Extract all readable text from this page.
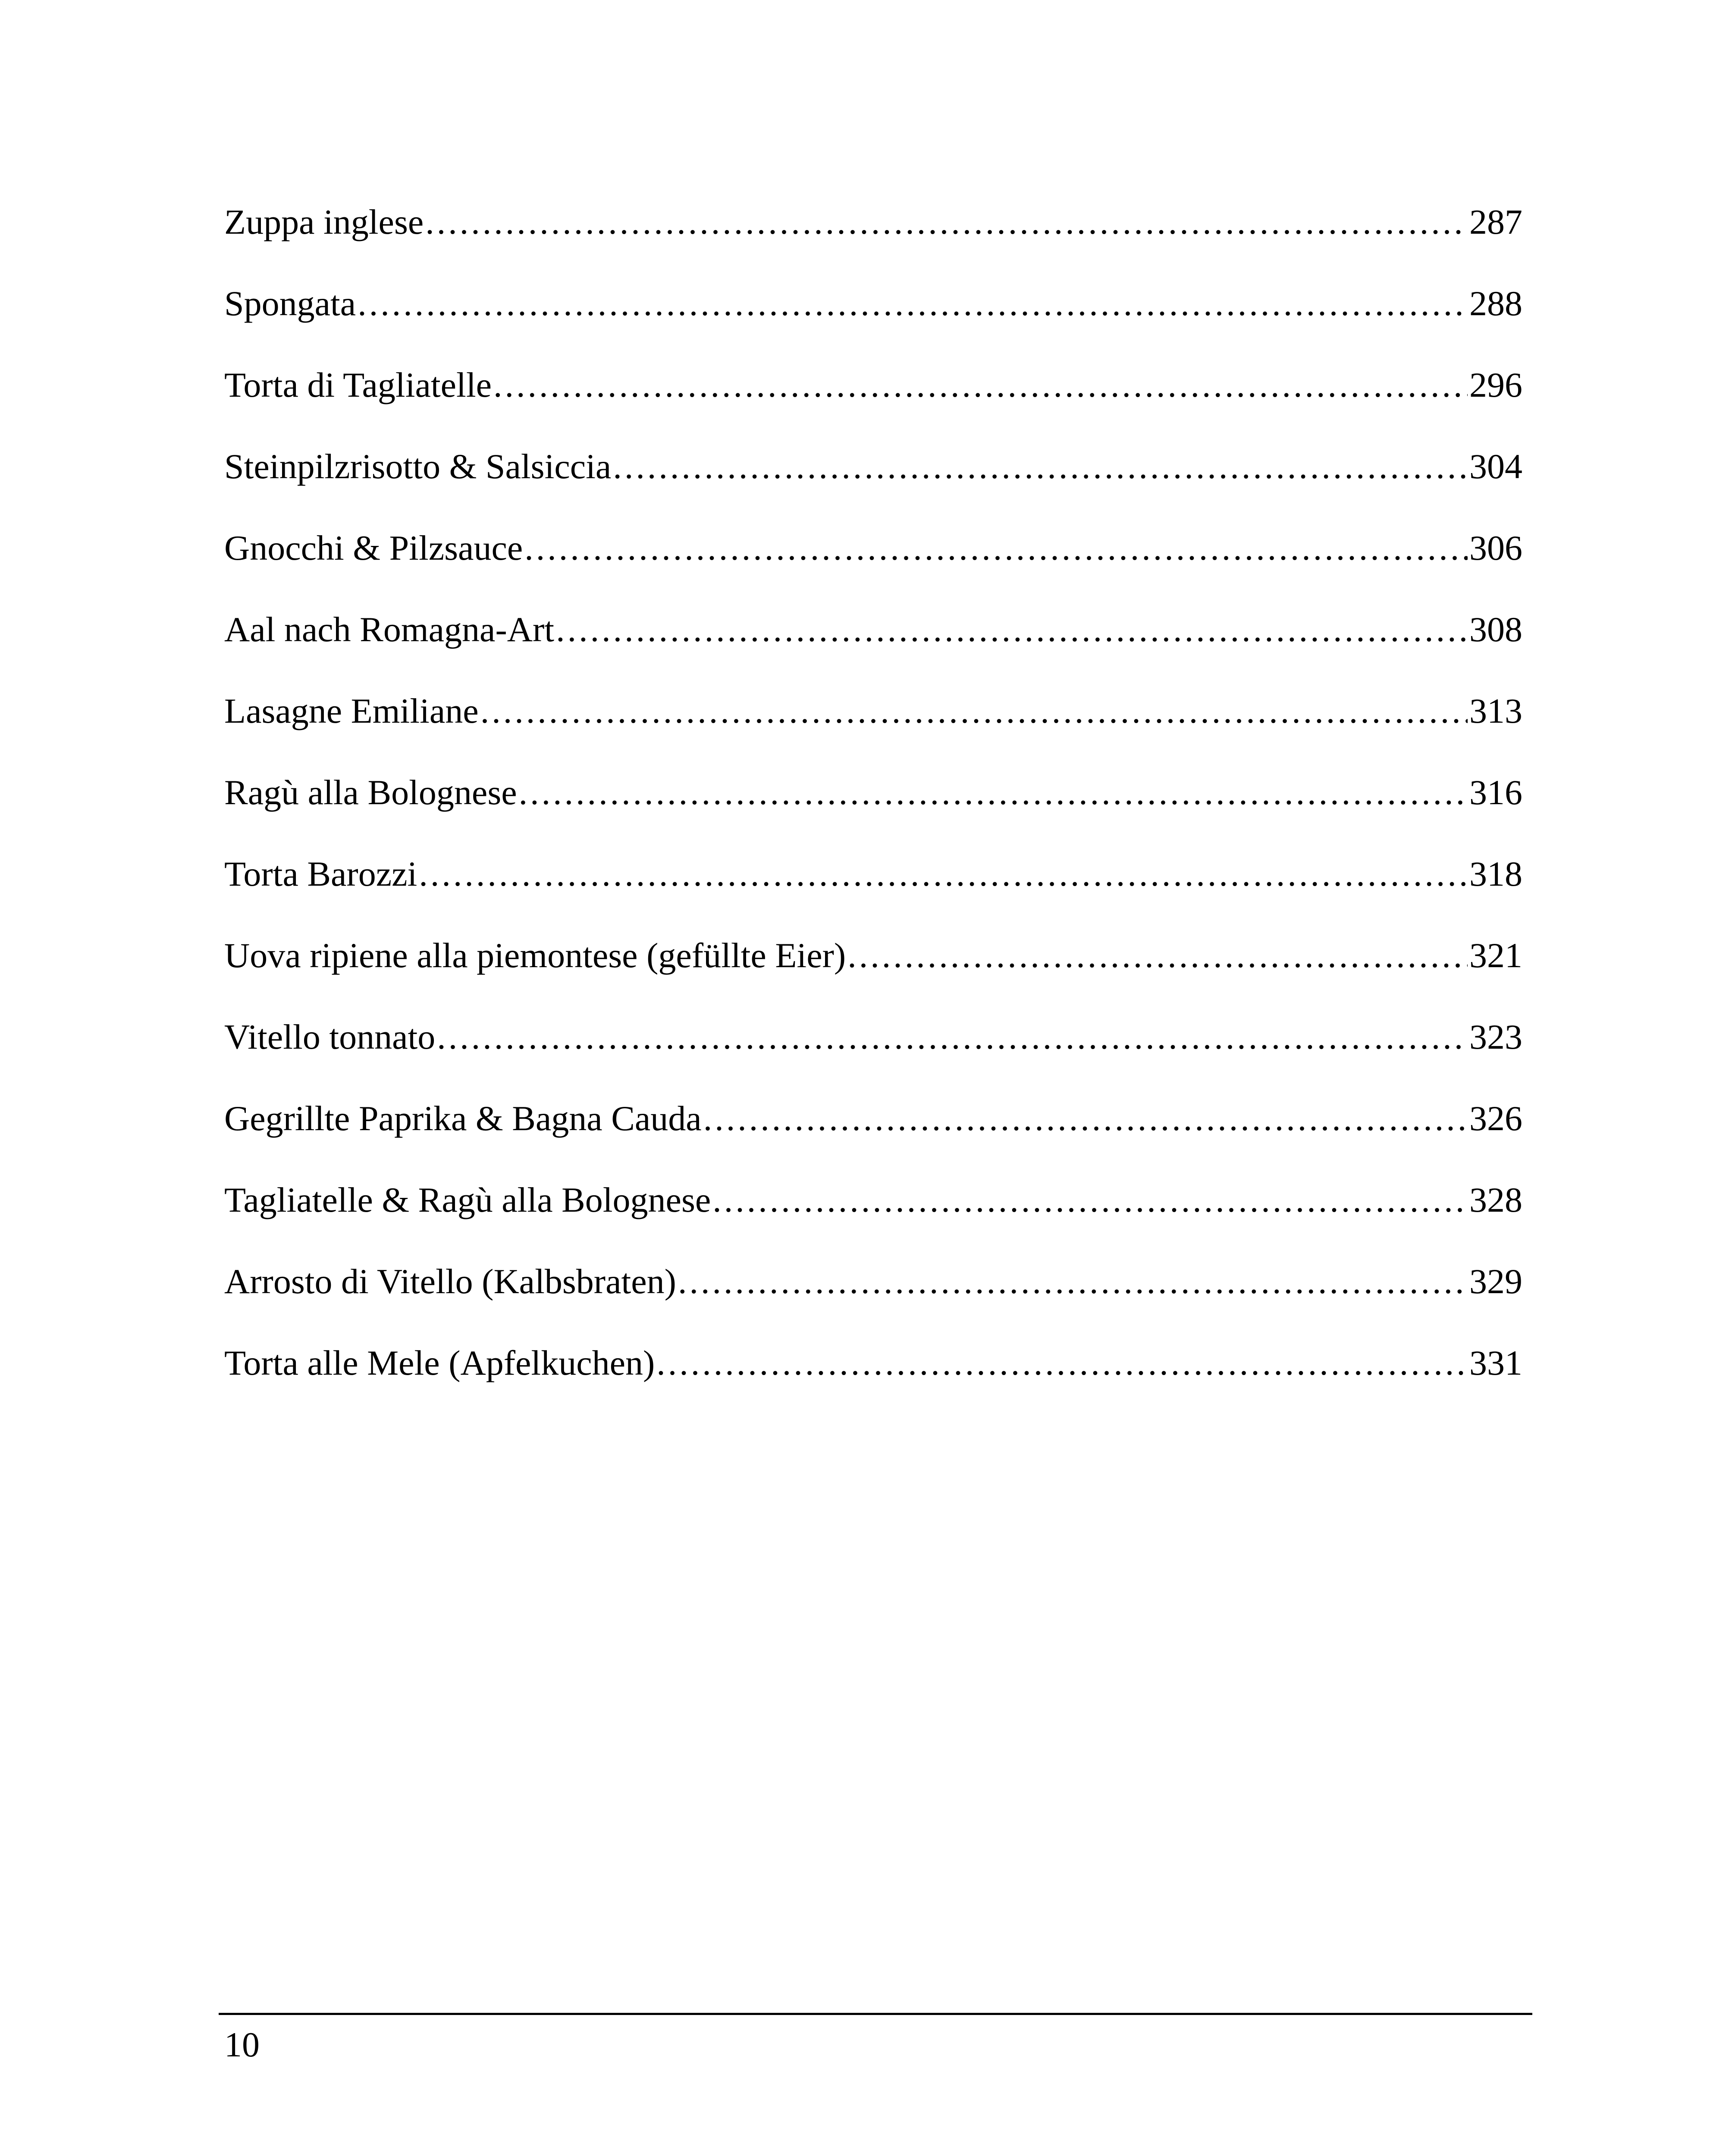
Zuppa inglese .....	287
Spongata .....	288
Torta di Tagliatelle .....	296
Steinpilzrisotto & Salsiccia .....	304
Gnocchi & Pilzsauce .....	306
Aal nach Romagna-Art .....	308
Lasagne Emiliane .....	313
Ragù alla Bolognese .....	316
Torta Barozzi .....	318
Uova ripiene alla piemontese (gefüllte Eier) .....	321
Vitello tonnato .....	323
Gegrillte Paprika & Bagna Cauda .....	326
Tagliatelle & Ragù alla Bolognese .....	328
Arrosto di Vitello (Kalbsbraten) .....	329
Torta alle Mele (Apfelkuchen) .....	331
10
